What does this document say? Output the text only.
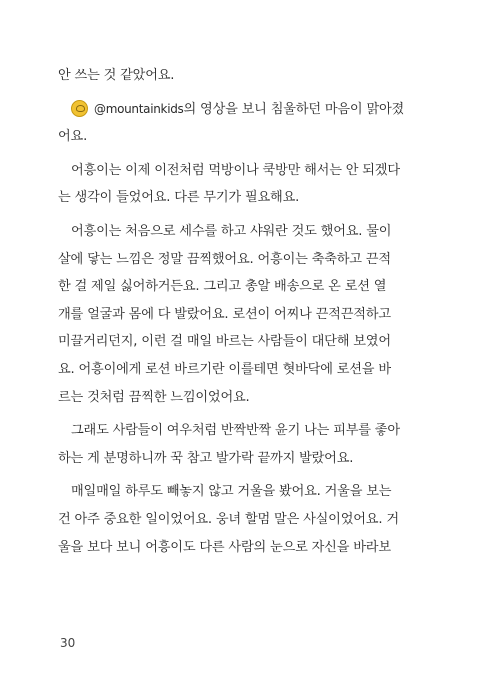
안 쓰는 것 같았어요.
@mountainkids 의 영상을 보니 침울하던 마음이 맑아졌
어요.
어흥이는 이제 이전처럼 먹방이나 쿡방만 해서는 안 되겠다
는 생각이 들었어요. 다른 무기가 필요해요.
어흥이는 처음으로 세수를 하고 샤워란 것도 했어요. 물이
살에 닿는 느낌은 정말 끔찍했어요. 어흥이는 축축하고 끈적
한 걸 제일 싫어하거든요. 그리고 총알 배송으로 온 로션 열
개를 얼굴과 몸에 다 발랐어요. 로션이 어찌나 끈적끈적하고
미끌거리던지, 이런 걸 매일 바르는 사람들이 대단해 보였어
요. 어흥이에게 로션 바르기란 이를테면 혓바닥에 로션을 바
르는 것처럼 끔찍한 느낌이었어요.
그래도 사람들이 여우처럼 반짝반짝 윤기 나는 피부를 좋아
하는 게 분명하니까 꾹 참고 발가락 끝까지 발랐어요.
매일매일 하루도 빼놓지 않고 거울을 봤어요. 거울을 보는
건 아주 중요한 일이었어요. 웅녀 할멈 말은 사실이었어요. 거
울을 보다 보니 어흥이도 다른 사람의 눈으로 자신을 바라보
30
